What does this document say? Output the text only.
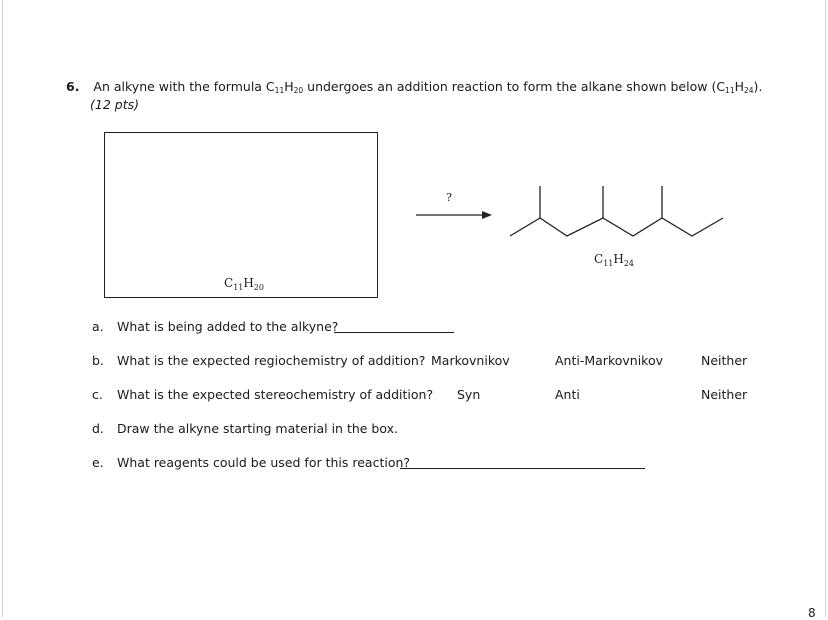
6. An alkyne with the formula C11H20 undergoes an addition reaction to form the alkane shown below (C11H24).
(12 pts)
$C_{11}H_{20}$
?
$C_{11}H_{24}$
a. What is being added to the alkyne?
b. What is the expected regiochemistry of addition? Markovnikov	Anti-Markovnikov	Neither
c. What is the expected stereochemistry of addition? Syn	Anti	Neither
d. Draw the alkyne starting material in the box.
e. What reagents could be used for this reaction?
8
